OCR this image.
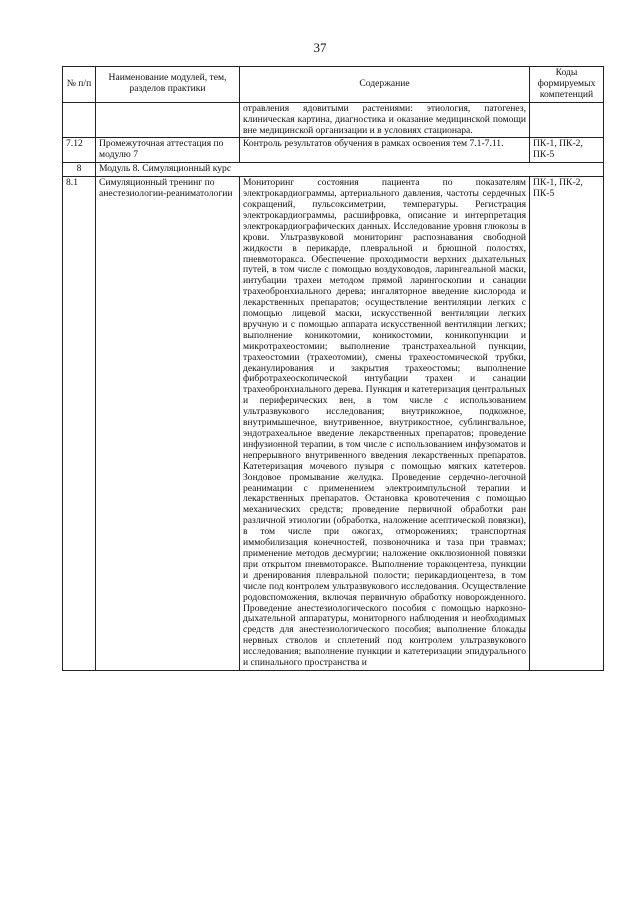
37
№ п/п	Наименование модулей, тем, разделов практики	Содержание	Коды формируемых компетенций
		отравления ядовитыми растениями: этиология, патогенез, клиническая картина, диагностика и оказание медицинской помощи вне медицинской организации и в условиях стационара.	
7.12	Промежуточная аттестация по модулю 7	Контроль результатов обучения в рамках освоения тем 7.1-7.11.	ПК-1, ПК-2, ПК-5
8	Модуль 8. Симуляционный курс		
8.1	Симуляционный тренинг по анестезиологии-реаниматологии	Мониторинг состояния пациента по показателям электрокардиограммы, артериального давления, частоты сердечных сокращений, пульсоксиметрии, температуры. Регистрация электрокардиограммы, расшифровка, описание и интерпретация электрокардиографических данных. Исследование уровня глюкозы в крови. Ультразвуковой мониторинг распознавания свободной жидкости в перикарде, плевральной и брюшной полостях, пневмоторакса. Обеспечение проходимости верхних дыхательных путей, в том числе с помощью воздуховодов, ларингеальной маски, интубации трахеи методом прямой ларингоскопии и санации трахеобронхиального дерева; ингаляторное введение кислорода и лекарственных препаратов; осуществление вентиляции легких с помощью лицевой маски, искусственной вентиляции легких вручную и с помощью аппарата искусственной вентиляции легких; выполнение коникотомии, коникостомии, коникопункции и микротрахеостомии; выполнение транстрахеальной пункции, трахеостомии (трахеотомии), смены трахеостомической трубки, деканулирования и закрытия трахеостомы; выполнение фибротрахеоскопической интубации трахеи и санации трахеобронхиального дерева. Пункция и катетеризация центральных и периферических вен, в том числе с использованием ультразвукового исследования; внутрикожное, подкожное, внутримышечное, внутривенное, внутрикостное, сублингвальное, эндотрахеальное введение лекарственных препаратов; проведение инфузионной терапии, в том числе с использованием инфузоматов и непрерывного внутривенного введения лекарственных препаратов. Катетеризация мочевого пузыря с помощью мягких катетеров. Зондовое промывание желудка. Проведение сердечно-легочной реанимации с применением электроимпульсной терапии и лекарственных препаратов. Остановка кровотечения с помощью механических средств; проведение первичной обработки ран различной этиологии (обработка, наложение асептической повязки), в том числе при ожогах, отморожениях; транспортная иммобилизация конечностей, позвоночника и таза при травмах; применение методов десмургии; наложение окклюзионной повязки при открытом пневмотораксе. Выполнение торакоцентеза, пункции и дренирования плевральной полости; перикардиоцентеза, в том числе под контролем ультразвукового исследования. Осуществление родовспоможения, включая первичную обработку новорожденного. Проведение анестезиологического пособия с помощью наркозно-дыхательной аппаратуры, мониторного наблюдения и необходимых средств для анестезиологического пособия; выполнение блокады нервных стволов и сплетений под контролем ультразвукового исследования; выполнение пункции и катетеризации эпидурального и спинального пространства и	ПК-1, ПК-2, ПК-5
